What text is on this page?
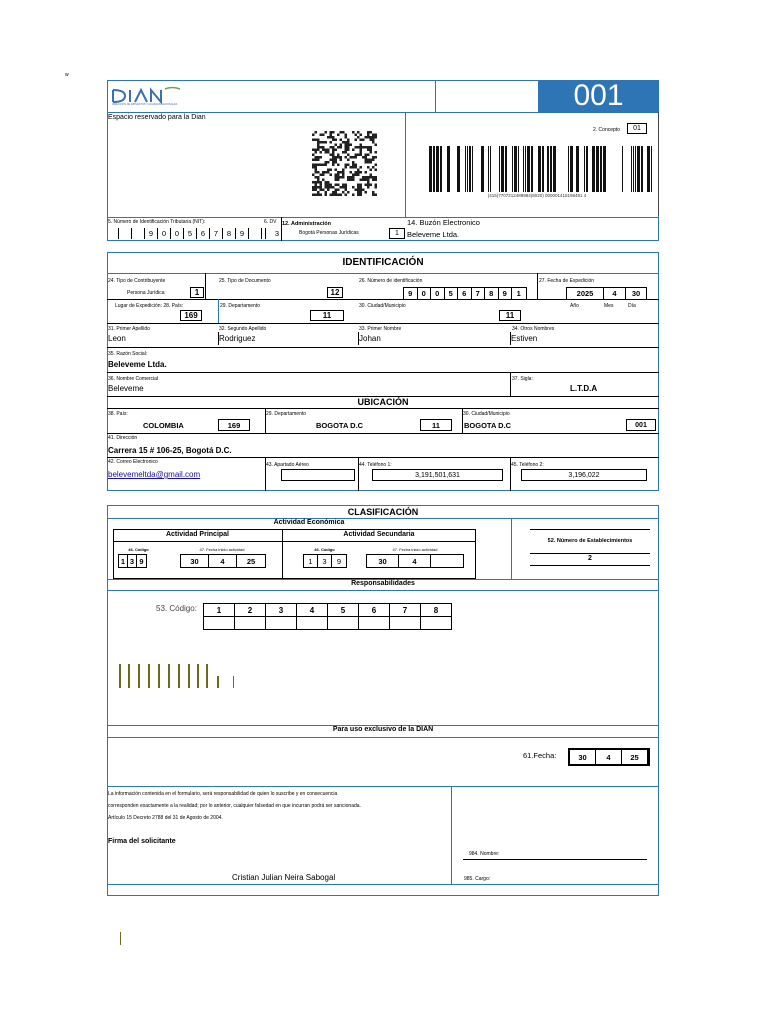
w
001
DIRECCIÓN DE IMPUESTOS Y ADUANAS NACIONALES
Espacio reservado para la Dian
2. Concepto	01
(415)7707212489984(8020) 000001415198481 4
5. Número de Identificación Tributaria (NIT):
9	0	0	5	6	7	8	9
6. DV
3
12. Administración
Bogotá Personas Jurídicas	1
14. Buzón Electronico
Beleveme Ltda.
IDENTIFICACIÓN
24. Tipo de Contribuyente
Persona Jurídica	1
25. Tipo de Documento
12
26. Número de identificación
9	0	0	5	6	7	8	9	1
27. Fecha de Expedición
2025	4	30
Año	Mes	Día
Lugar de Expedición: 28. País:
169
29. Departamento
11
30. Ciudad/Municipio
11
31. Primer Apellido
Leon
32. Segundo Apellido
Rodriguez
33. Primer Nombre
Johan
34. Otros Nombres
Estiven
35. Razón Social:
Beleveme Ltda.
36. Nombre Comercial
Beleveme
37. Sigla:
L.T.D.A
UBICACIÓN
38. País:
COLOMBIA	169
29. Departamento
BOGOTA D.C	11
30. Ciudad/Municipio
BOGOTA D.C	001
41. Dirección
Carrera 15 # 106-25, Bogotá D.C.
42. Correo Electronico
belevemeltda@gmail.com
43. Apartado Aéreo	44. Teléfono 1:
3,191,501,631
45. Teléfono 2:
3,196,022
CLASIFICACIÓN
Actividad Económica
Actividad Principal
46. Código
1 3 9
47. Fecha inicio actividad
30	4	25
Actividad Secundaria
46. Código
1	3	9
47. Fecha inicio actividad
30	4
52. Número de Establecimientos
2
Responsabilidades
53. Código: 1	2	3	4	5	6	7	8

Para uso exclusivo de la DIAN
61.Fecha:	30	4	25
La información contenida en el formulario, será responsabilidad de quien lo suscribe y en consecuencia
corresponden exactamente a la realidad; por lo anterior, cualquier falsedad en que incurran podrá ser sancionada.
Artículo 15 Decreto 2788 del 31 de Agosto de 2004.
Firma del solicitante
Cristian Julian Neira Sabogal
984. Nombre:
985. Cargo:
